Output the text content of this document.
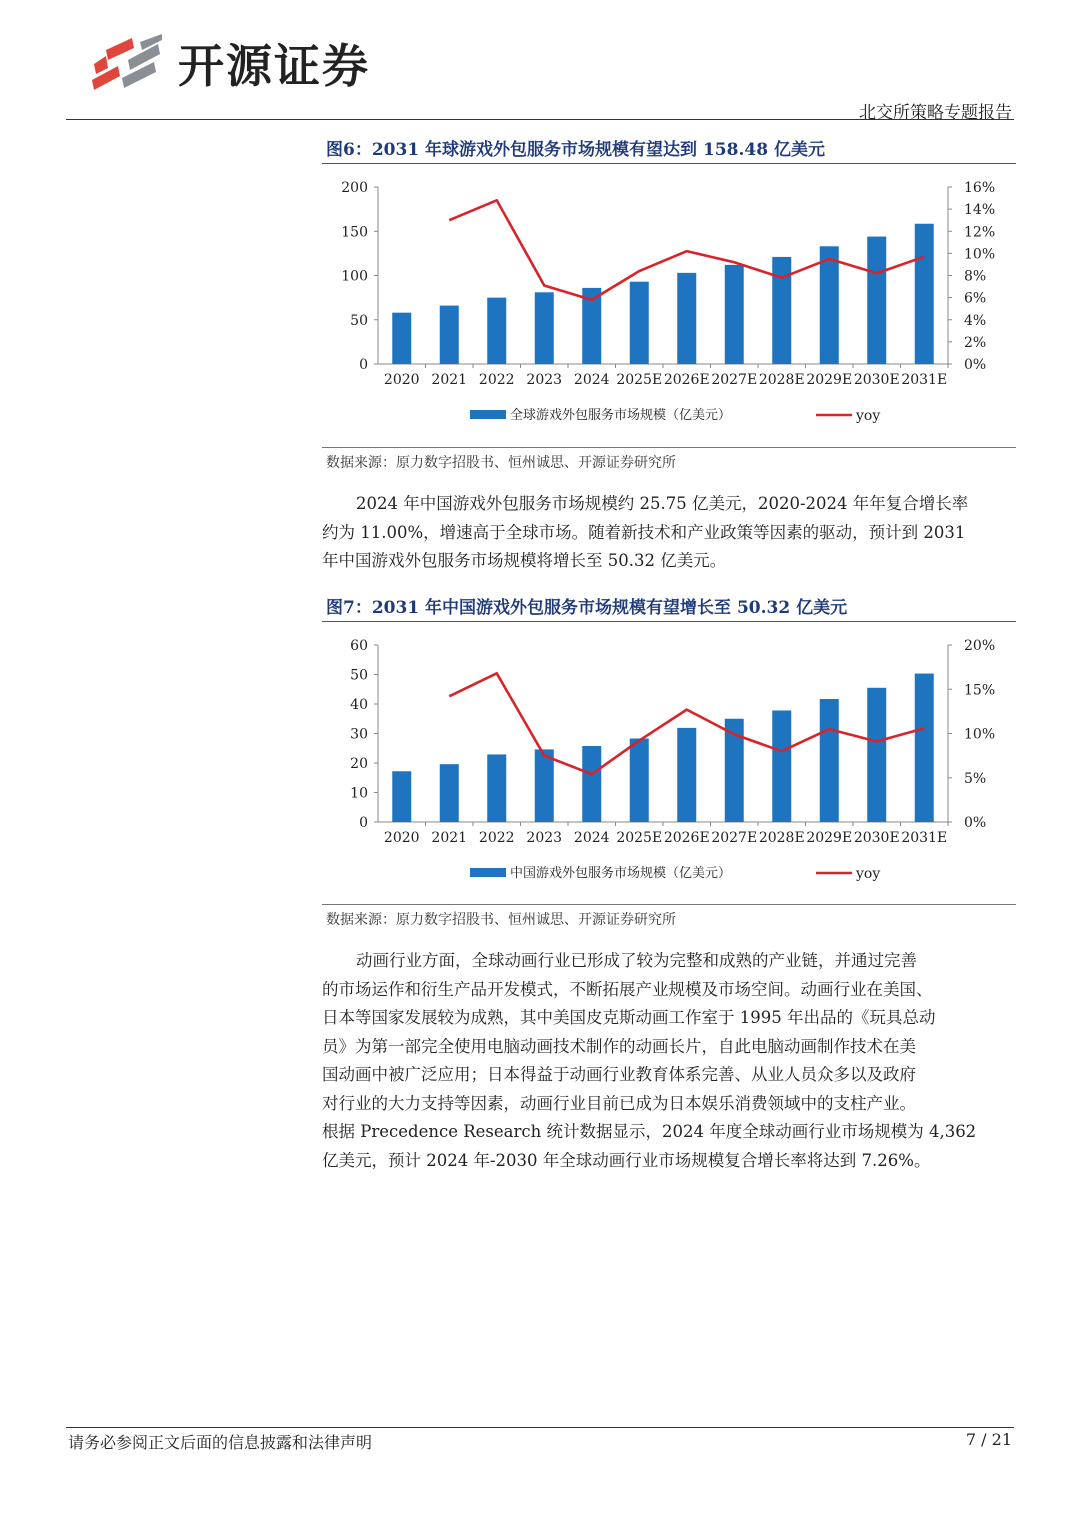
开源证券
北交所策略专题报告
图6：2031 年球游戏外包服务市场规模有望达到 158.48 亿美元
200
150
100
50
0
16%
14%
12%
10%
8%
6%
4%
2%
0%
2020 2021 2022 2023 2024 2025E 2026E 2027E 2028E 2029E 2030E 2031E
全球游戏外包服务市场规模（亿美元）	yoy
数据来源：原力数字招股书、恒州诚思、开源证券研究所
2024 年中国游戏外包服务市场规模约 25.75 亿美元，2020-2024 年年复合增长率
约为 11.00%，增速高于全球市场。随着新技术和产业政策等因素的驱动，预计到 2031
年中国游戏外包服务市场规模将增长至 50.32 亿美元。
图7：2031 年中国游戏外包服务市场规模有望增长至 50.32 亿美元
60
50
40
30
20
10
0
20%
15%
10%
5%
0%
2020 2021 2022 2023 2024 2025E 2026E 2027E 2028E 2029E 2030E 2031E
中国游戏外包服务市场规模（亿美元）	yoy
数据来源：原力数字招股书、恒州诚思、开源证券研究所
动画行业方面，全球动画行业已形成了较为完整和成熟的产业链，并通过完善
的市场运作和衍生产品开发模式，不断拓展产业规模及市场空间。动画行业在美国、
日本等国家发展较为成熟，其中美国皮克斯动画工作室于 1995 年出品的《玩具总动
员》为第一部完全使用电脑动画技术制作的动画长片，自此电脑动画制作技术在美
国动画中被广泛应用；日本得益于动画行业教育体系完善、从业人员众多以及政府
对行业的大力支持等因素，动画行业目前已成为日本娱乐消费领域中的支柱产业。
根据 Precedence Research 统计数据显示，2024 年度全球动画行业市场规模为 4,362
亿美元，预计 2024 年-2030 年全球动画行业市场规模复合增长率将达到 7.26%。
请务必参阅正文后面的信息披露和法律声明	7 / 21
